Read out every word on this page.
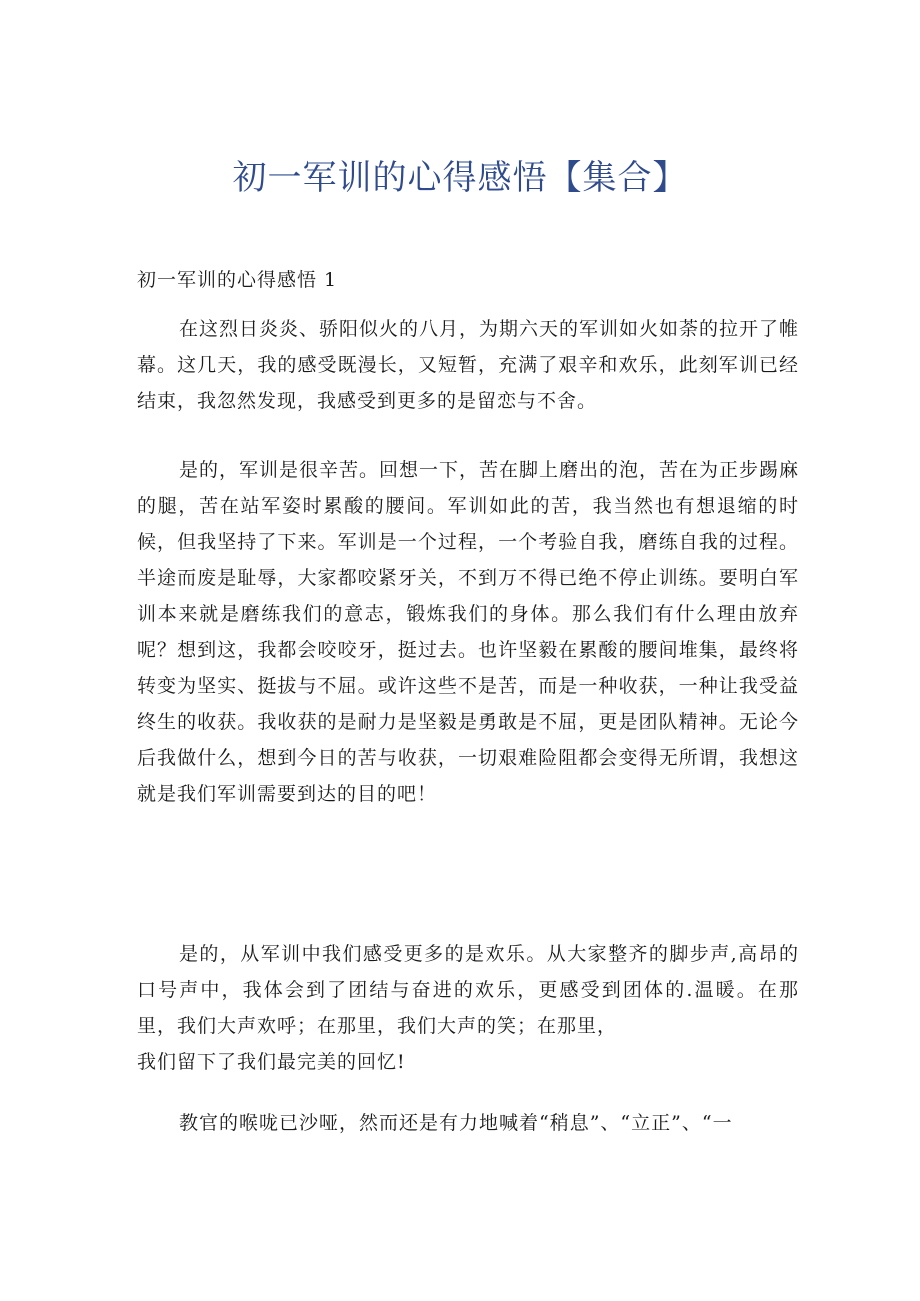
初一军训的心得感悟【集合】
初一军训的心得感悟 1

在这烈日炎炎、骄阳似火的八月，为期六天的军训如火如荼的拉开了帷幕。这几天，我的感受既漫长，又短暂，充满了艰辛和欢乐，此刻军训已经结束，我忽然发现，我感受到更多的是留恋与不舍。

是的，军训是很辛苦。回想一下，苦在脚上磨出的泡，苦在为正步踢麻的腿，苦在站军姿时累酸的腰间。军训如此的苦，我当然也有想退缩的时候，但我坚持了下来。军训是一个过程，一个考验自我，磨练自我的过程。半途而废是耻辱，大家都咬紧牙关，不到万不得已绝不停止训练。要明白军训本来就是磨练我们的意志，锻炼我们的身体。那么我们有什么理由放弃呢？想到这，我都会咬咬牙，挺过去。也许坚毅在累酸的腰间堆集，最终将转变为坚实、挺拔与不屈。或许这些不是苦，而是一种收获，一种让我受益终生的收获。我收获的是耐力是坚毅是勇敢是不屈，更是团队精神。无论今后我做什么，想到今日的苦与收获，一切艰难险阻都会变得无所谓，我想这就是我们军训需要到达的目的吧！

是的，从军训中我们感受更多的是欢乐。从大家整齐的脚步声,高昂的口号声中，我体会到了团结与奋进的欢乐，更感受到团体的.温暖。在那里，我们大声欢呼；在那里，我们大声的笑；在那里，
我们留下了我们最完美的回忆!

教官的喉咙已沙哑，然而还是有力地喊着“稍息”、“立正”、“一
